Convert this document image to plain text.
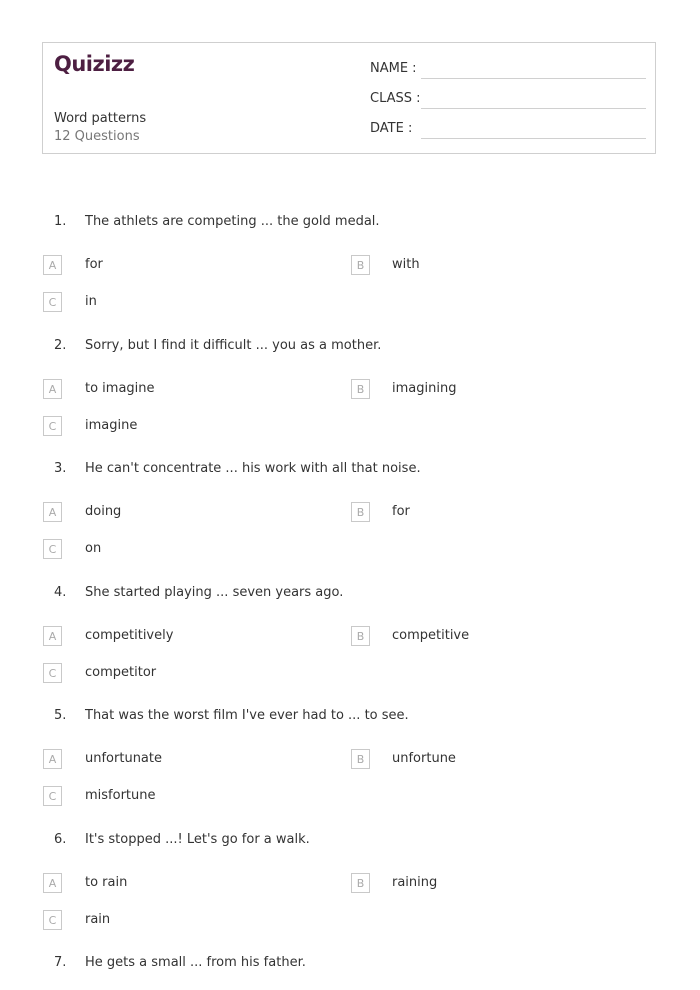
Quizizz
Word patterns
12 Questions
NAME :
CLASS :
DATE :
1. The athlets are competing ... the gold medal.
A	for	B	with
C	in
2. Sorry, but I find it difficult ... you as a mother.
A	to imagine	B	imagining
C	imagine
3. He can't concentrate ... his work with all that noise.
A	doing	B	for
C	on
4. She started playing ... seven years ago.
A	competitively	B	competitive
C	competitor
5. That was the worst film I've ever had to ... to see.
A	unfortunate	B	unfortune
C	misfortune
6. It's stopped ...! Let's go for a walk.
A	to rain	B	raining
C	rain
7. He gets a small ... from his father.
